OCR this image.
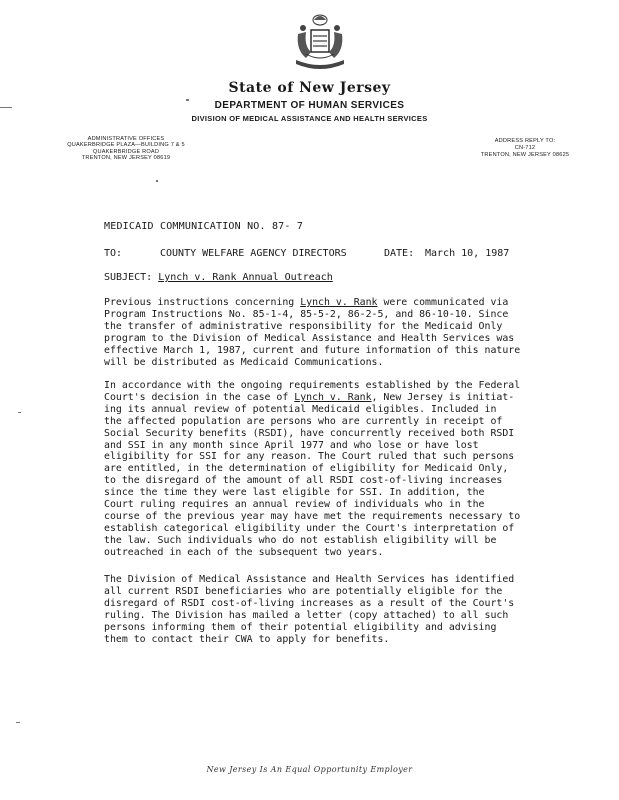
State of New Jersey
DEPARTMENT OF HUMAN SERVICES
DIVISION OF MEDICAL ASSISTANCE AND HEALTH SERVICES
ADMINISTRATIVE OFFICES
QUAKERBRIDGE PLAZA—BUILDING 7 & 5
QUAKERBRIDGE ROAD
TRENTON, NEW JERSEY 08619
ADDRESS REPLY TO:
CN-712
TRENTON, NEW JERSEY 08625
MEDICAID COMMUNICATION NO. 87- 7
TO:	COUNTY WELFARE AGENCY DIRECTORS	DATE: March 10, 1987
SUBJECT: Lynch v. Rank Annual Outreach
Previous instructions concerning Lynch v. Rank were communicated via
Program Instructions No. 85-1-4, 85-5-2, 86-2-5, and 86-10-10. Since
the transfer of administrative responsibility for the Medicaid Only
program to the Division of Medical Assistance and Health Services was
effective March 1, 1987, current and future information of this nature
will be distributed as Medicaid Communications.
In accordance with the ongoing requirements established by the Federal
Court's decision in the case of Lynch v. Rank, New Jersey is initiat-
ing its annual review of potential Medicaid eligibles. Included in
the affected population are persons who are currently in receipt of
Social Security benefits (RSDI), have concurrently received both RSDI
and SSI in any month since April 1977 and who lose or have lost
eligibility for SSI for any reason. The Court ruled that such persons
are entitled, in the determination of eligibility for Medicaid Only,
to the disregard of the amount of all RSDI cost-of-living increases
since the time they were last eligible for SSI. In addition, the
Court ruling requires an annual review of individuals who in the
course of the previous year may have met the requirements necessary to
establish categorical eligibility under the Court's interpretation of
the law. Such individuals who do not establish eligibility will be
outreached in each of the subsequent two years.
The Division of Medical Assistance and Health Services has identified
all current RSDI beneficiaries who are potentially eligible for the
disregard of RSDI cost-of-living increases as a result of the Court's
ruling. The Division has mailed a letter (copy attached) to all such
persons informing them of their potential eligibility and advising
them to contact their CWA to apply for benefits.
New Jersey Is An Equal Opportunity Employer
